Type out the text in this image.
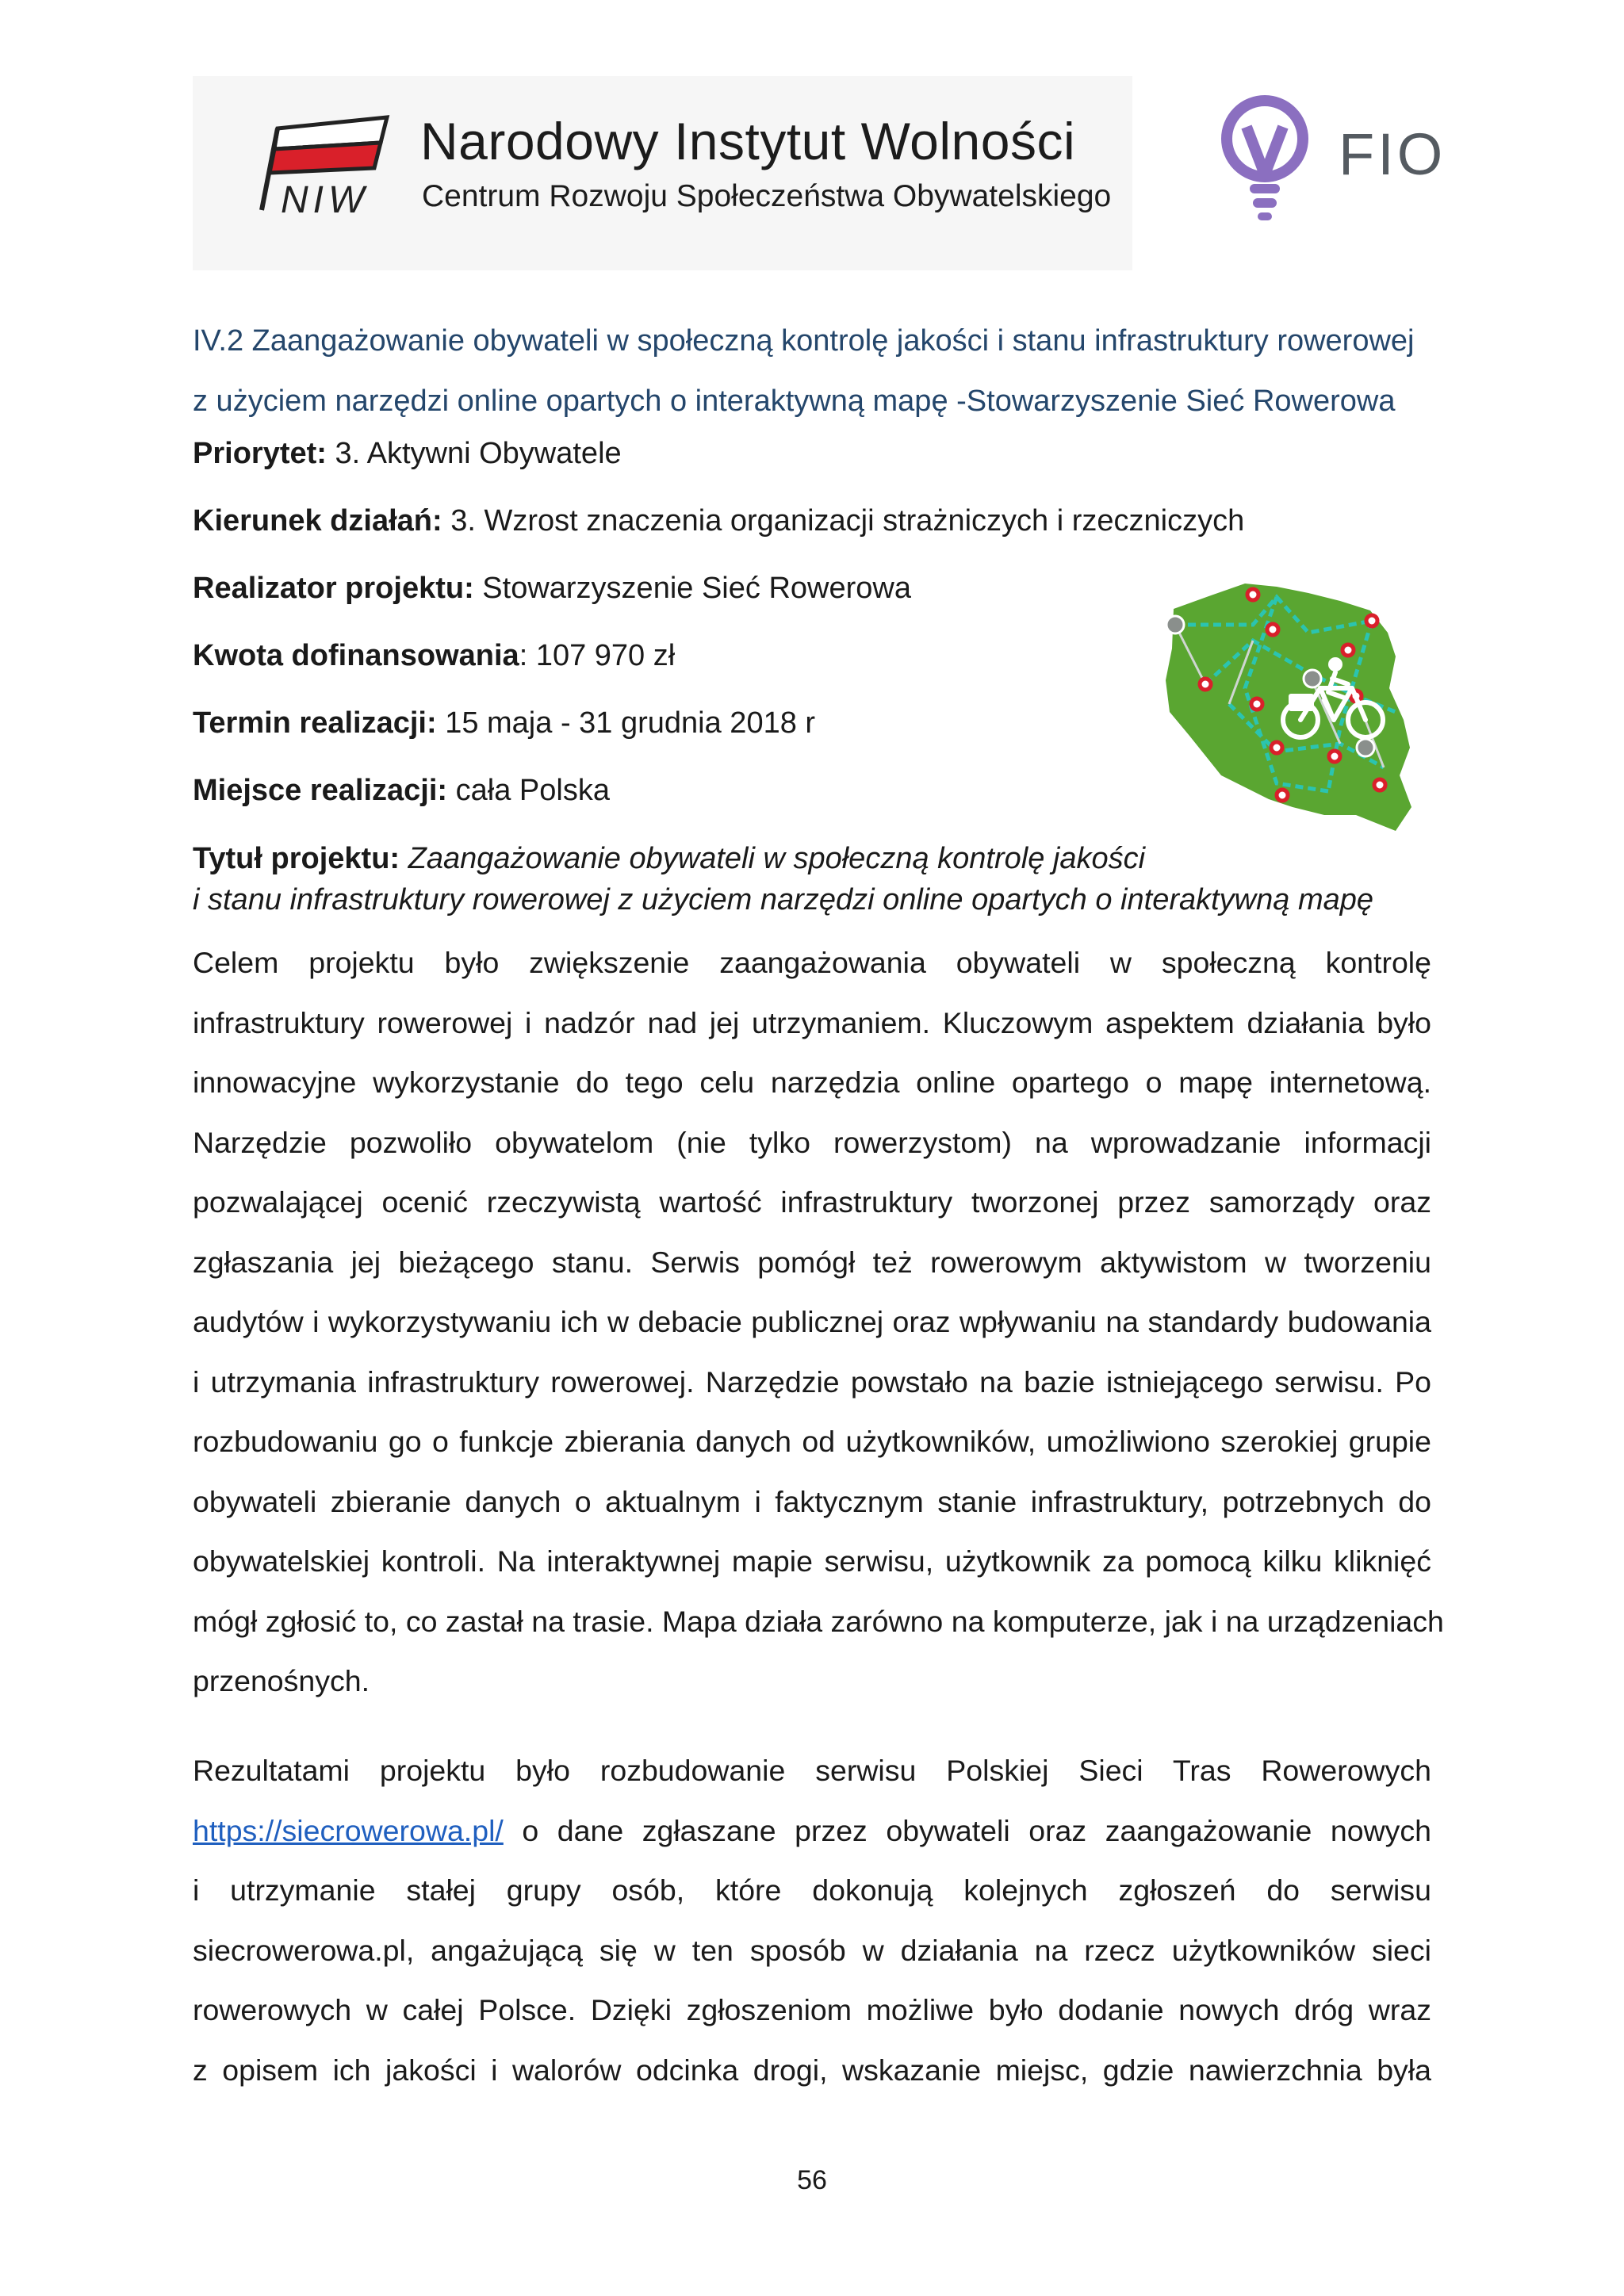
NIW
Narodowy Instytut Wolności
Centrum Rozwoju Społeczeństwa Obywatelskiego
FIO
IV.2 Zaangażowanie obywateli w społeczną kontrolę jakości i stanu infrastruktury rowerowej
z użyciem narzędzi online opartych o interaktywną mapę -Stowarzyszenie Sieć Rowerowa
Priorytet: 3. Aktywni Obywatele
Kierunek działań: 3. Wzrost znaczenia organizacji strażniczych i rzeczniczych
Realizator projektu: Stowarzyszenie Sieć Rowerowa
Kwota dofinansowania: 107 970 zł
Termin realizacji: 15 maja - 31 grudnia 2018 r
Miejsce realizacji: cała Polska
Tytuł projektu: Zaangażowanie obywateli w społeczną kontrolę jakości
i stanu infrastruktury rowerowej z użyciem narzędzi online opartych o interaktywną mapę
Celem projektu było zwiększenie zaangażowania obywateli w społeczną kontrolę
infrastruktury rowerowej i nadzór nad jej utrzymaniem. Kluczowym aspektem działania było
innowacyjne wykorzystanie do tego celu narzędzia online opartego o mapę internetową.
Narzędzie pozwoliło obywatelom (nie tylko rowerzystom) na wprowadzanie informacji
pozwalającej ocenić rzeczywistą wartość infrastruktury tworzonej przez samorządy oraz
zgłaszania jej bieżącego stanu. Serwis pomógł też rowerowym aktywistom w tworzeniu
audytów i wykorzystywaniu ich w debacie publicznej oraz wpływaniu na standardy budowania
i utrzymania infrastruktury rowerowej. Narzędzie powstało na bazie istniejącego serwisu. Po
rozbudowaniu go o funkcje zbierania danych od użytkowników, umożliwiono szerokiej grupie
obywateli zbieranie danych o aktualnym i faktycznym stanie infrastruktury, potrzebnych do
obywatelskiej kontroli. Na interaktywnej mapie serwisu, użytkownik za pomocą kilku kliknięć
mógł zgłosić to, co zastał na trasie. Mapa działa zarówno na komputerze, jak i na urządzeniach
przenośnych.
Rezultatami projektu było rozbudowanie serwisu Polskiej Sieci Tras Rowerowych
https://siecrowerowa.pl/ o dane zgłaszane przez obywateli oraz zaangażowanie nowych
i utrzymanie stałej grupy osób, które dokonują kolejnych zgłoszeń do serwisu
siecrowerowa.pl, angażującą się w ten sposób w działania na rzecz użytkowników sieci
rowerowych w całej Polsce. Dzięki zgłoszeniom możliwe było dodanie nowych dróg wraz
z opisem ich jakości i walorów odcinka drogi, wskazanie miejsc, gdzie nawierzchnia była
56
